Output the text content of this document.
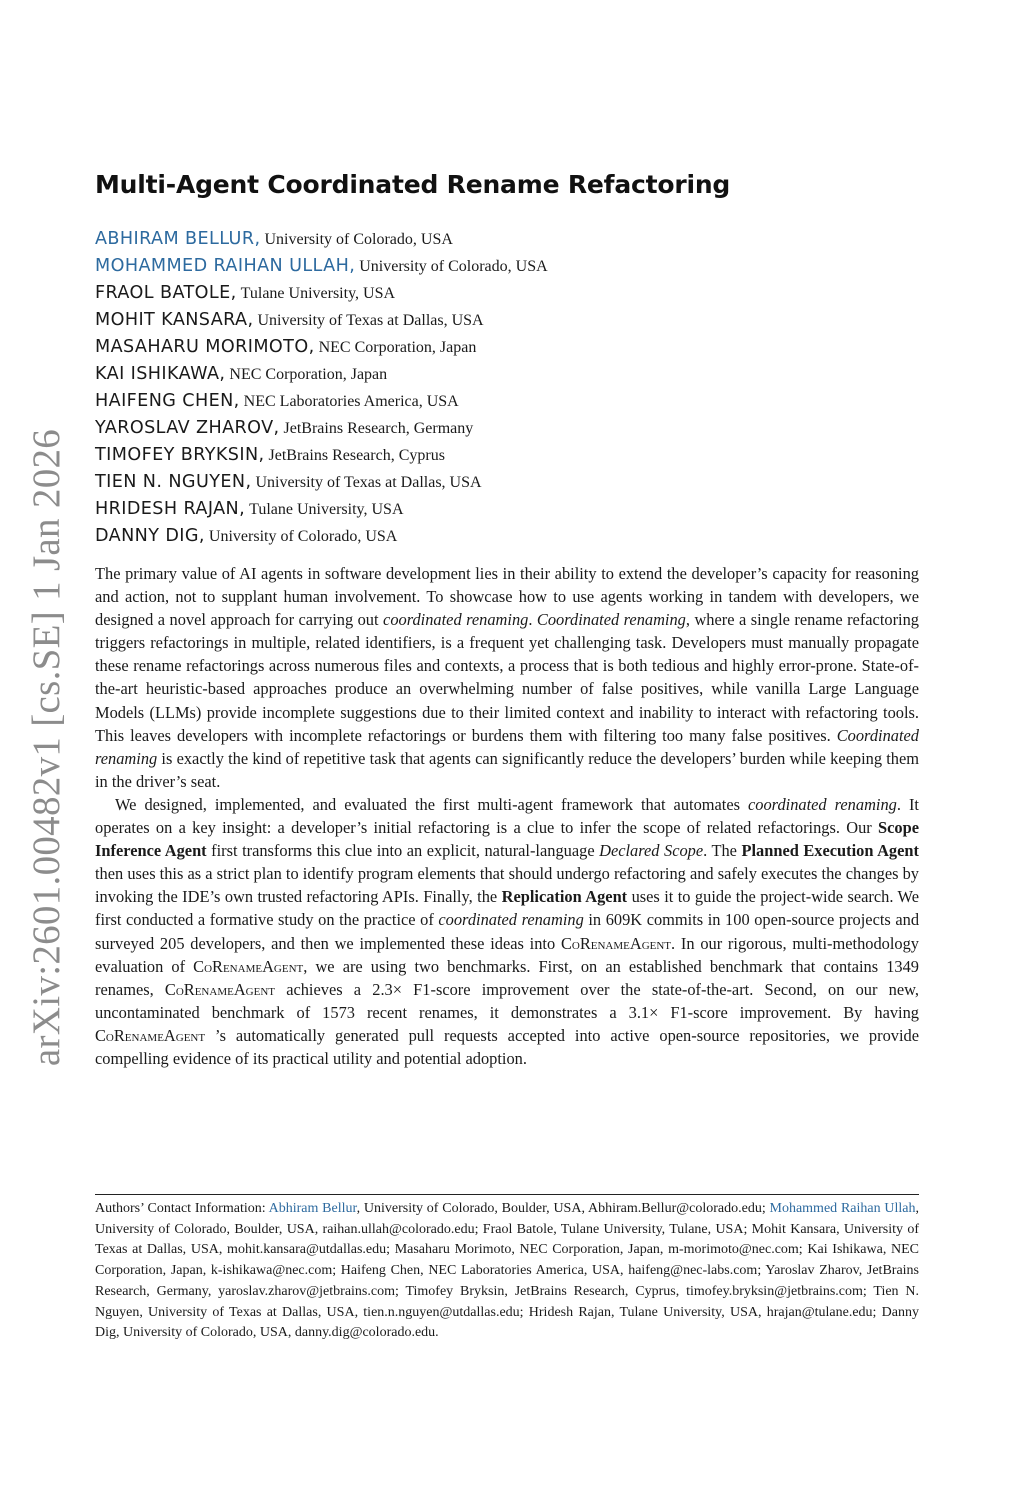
arXiv:2601.00482v1 [cs.SE] 1 Jan 2026
Multi-Agent Coordinated Rename Refactoring
ABHIRAM BELLUR, University of Colorado, USA
MOHAMMED RAIHAN ULLAH, University of Colorado, USA
FRAOL BATOLE, Tulane University, USA
MOHIT KANSARA, University of Texas at Dallas, USA
MASAHARU MORIMOTO, NEC Corporation, Japan
KAI ISHIKAWA, NEC Corporation, Japan
HAIFENG CHEN, NEC Laboratories America, USA
YAROSLAV ZHAROV, JetBrains Research, Germany
TIMOFEY BRYKSIN, JetBrains Research, Cyprus
TIEN N. NGUYEN, University of Texas at Dallas, USA
HRIDESH RAJAN, Tulane University, USA
DANNY DIG, University of Colorado, USA

The primary value of AI agents in software development lies in their ability to extend the developer’s capacity for reasoning and action, not to supplant human involvement. To showcase how to use agents working in tandem with developers, we designed a novel approach for carrying out coordinated renaming. Coordinated renaming, where a single rename refactoring triggers refactorings in multiple, related identifiers, is a frequent yet challenging task. Developers must manually propagate these rename refactorings across numerous files and contexts, a process that is both tedious and highly error-prone. State-of-the-art heuristic-based approaches produce an overwhelming number of false positives, while vanilla Large Language Models (LLMs) provide incomplete suggestions due to their limited context and inability to interact with refactoring tools. This leaves developers with incomplete refactorings or burdens them with filtering too many false positives. Coordinated renaming is exactly the kind of repetitive task that agents can significantly reduce the developers’ burden while keeping them in the driver’s seat.

We designed, implemented, and evaluated the first multi-agent framework that automates coordinated renaming. It operates on a key insight: a developer’s initial refactoring is a clue to infer the scope of related refactorings. Our Scope Inference Agent first transforms this clue into an explicit, natural-language Declared Scope. The Planned Execution Agent then uses this as a strict plan to identify program elements that should undergo refactoring and safely executes the changes by invoking the IDE’s own trusted refactoring APIs. Finally, the Replication Agent uses it to guide the project-wide search. We first conducted a formative study on the practice of coordinated renaming in 609K commits in 100 open-source projects and surveyed 205 developers, and then we implemented these ideas into CoRenameAgent. In our rigorous, multi-methodology evaluation of CoRenameAgent, we are using two benchmarks. First, on an established benchmark that contains 1349 renames, CoRenameAgent achieves a 2.3× F1-score improvement over the state-of-the-art. Second, on our new, uncontaminated benchmark of 1573 recent renames, it demonstrates a 3.1× F1-score improvement. By having CoRenameAgent ’s automatically generated pull requests accepted into active open-source repositories, we provide compelling evidence of its practical utility and potential adoption.

Authors’ Contact Information: Abhiram Bellur, University of Colorado, Boulder, USA, Abhiram.Bellur@colorado.edu; Mohammed Raihan Ullah, University of Colorado, Boulder, USA, raihan.ullah@colorado.edu; Fraol Batole, Tulane University, Tulane, USA; Mohit Kansara, University of Texas at Dallas, USA, mohit.kansara@utdallas.edu; Masaharu Morimoto, NEC Corporation, Japan, m-morimoto@nec.com; Kai Ishikawa, NEC Corporation, Japan, k-ishikawa@nec.com; Haifeng Chen, NEC Laboratories America, USA, haifeng@nec-labs.com; Yaroslav Zharov, JetBrains Research, Germany, yaroslav.zharov@jetbrains.com; Timofey Bryksin, JetBrains Research, Cyprus, timofey.bryksin@jetbrains.com; Tien N. Nguyen, University of Texas at Dallas, USA, tien.n.nguyen@utdallas.edu; Hridesh Rajan, Tulane University, USA, hrajan@tulane.edu; Danny Dig, University of Colorado, USA, danny.dig@colorado.edu.
